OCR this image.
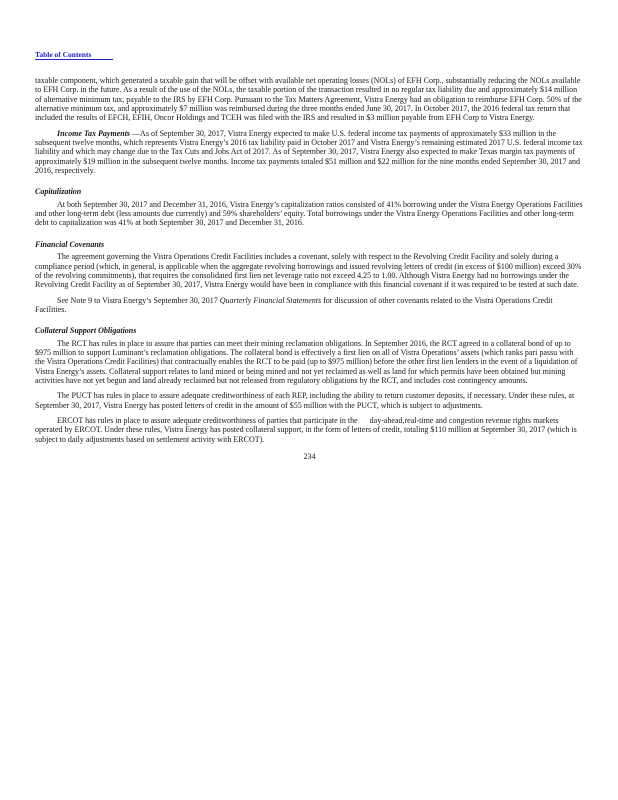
Table of Contents

taxable component, which generated a taxable gain that will be offset with available net operating losses (NOLs) of EFH Corp., substantially reducing the NOLs available to EFH Corp. in the future. As a result of the use of the NOLs, the taxable portion of the transaction resulted in no regular tax liability due and approximately $14 million of alternative minimum tax, payable to the IRS by EFH Corp. Pursuant to the Tax Matters Agreement, Vistra Energy had an obligation to reimburse EFH Corp. 50% of the alternative minimum tax, and approximately $7 million was reimbursed during the three months ended June 30, 2017. In October 2017, the 2016 federal tax return that included the results of EFCH, EFIH, Oncor Holdings and TCEH was filed with the IRS and resulted in $3 million payable from EFH Corp to Vistra Energy.

Income Tax Payments —As of September 30, 2017, Vistra Energy expected to make U.S. federal income tax payments of approximately $33 million in the subsequent twelve months, which represents Vistra Energy’s 2016 tax liability paid in October 2017 and Vistra Energy’s remaining estimated 2017 U.S. federal income tax liability and which may change due to the Tax Cuts and Jobs Act of 2017. As of September 30, 2017, Vistra Energy also expected to make Texas margin tax payments of approximately $19 million in the subsequent twelve months. Income tax payments totaled $51 million and $22 million for the nine months ended September 30, 2017 and 2016, respectively.

Capitalization

At both September 30, 2017 and December 31, 2016, Vistra Energy’s capitalization ratios consisted of 41% borrowing under the Vistra Energy Operations Facilities and other long-term debt (less amounts due currently) and 59% shareholders’ equity. Total borrowings under the Vistra Energy Operations Facilities and other long-term debt to capitalization was 41% at both September 30, 2017 and December 31, 2016.

Financial Covenants

The agreement governing the Vistra Operations Credit Facilities includes a covenant, solely with respect to the Revolving Credit Facility and solely during a compliance period (which, in general, is applicable when the aggregate revolving borrowings and issued revolving letters of credit (in excess of $100 million) exceed 30% of the revolving commitments), that requires the consolidated first lien net leverage ratio not exceed 4.25 to 1.00. Although Vistra Energy had no borrowings under the Revolving Credit Facility as of September 30, 2017, Vistra Energy would have been in compliance with this financial covenant if it was required to be tested at such date.

See Note 9 to Vistra Energy’s September 30, 2017 Quarterly Financial Statements for discussion of other covenants related to the Vistra Operations Credit Facilities.

Collateral Support Obligations

The RCT has rules in place to assure that parties can meet their mining reclamation obligations. In September 2016, the RCT agreed to a collateral bond of up to $975 million to support Luminant’s reclamation obligations. The collateral bond is effectively a first lien on all of Vistra Operations’ assets (which ranks pari passu with the Vistra Operations Credit Facilities) that contractually enables the RCT to be paid (up to $975 million) before the other first lien lenders in the event of a liquidation of Vistra Energy’s assets. Collateral support relates to land mined or being mined and not yet reclaimed as well as land for which permits have been obtained but mining activities have not yet begun and land already reclaimed but not released from regulatory obligations by the RCT, and includes cost contingency amounts.

The PUCT has rules in place to assure adequate creditworthiness of each REP, including the ability to return customer deposits, if necessary. Under these rules, at September 30, 2017, Vistra Energy has posted letters of credit in the amount of $55 million with the PUCT, which is subject to adjustments.

ERCOT has rules in place to assure adequate creditworthiness of parties that participate in the      day-ahead,real-time and congestion revenue rights markets operated by ERCOT. Under these rules, Vistra Energy has posted collateral support, in the form of letters of credit, totaling $110 million at September 30, 2017 (which is subject to daily adjustments based on settlement activity with ERCOT).

234
